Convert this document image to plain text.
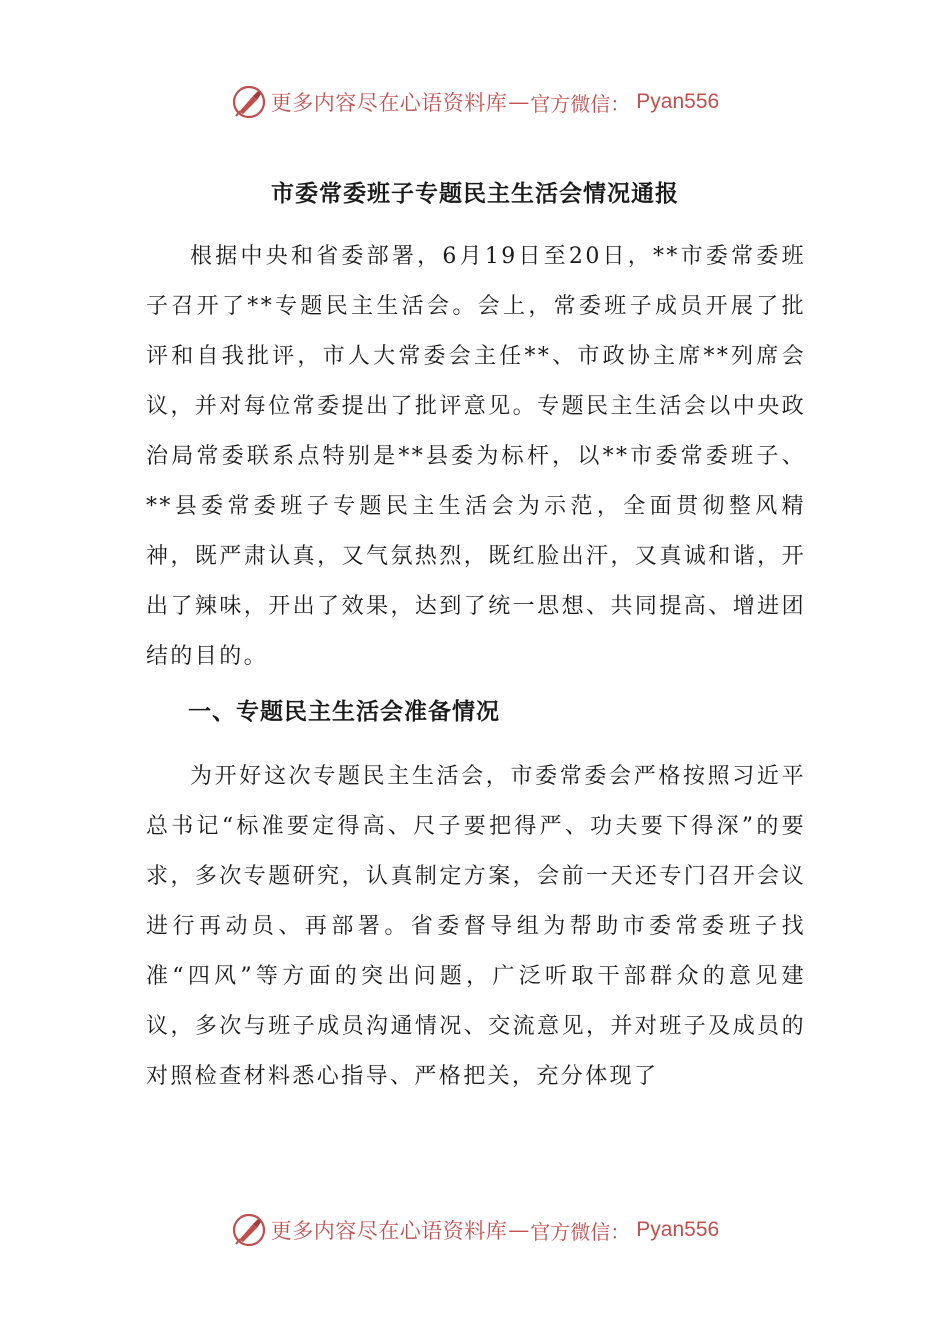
更多内容尽在心语资料库 — 官方微信： Pyan556
市委常委班子专题民主生活会情况通报

根据中央和省委部署，6月19日至20日，**市委常委班子召开了**专题民主生活会。会上，常委班子成员开展了批评和自我批评，市人大常委会主任**、市政协主席**列席会议，并对每位常委提出了批评意见。专题民主生活会以中央政治局常委联系点特别是**县委为标杆，以**市委常委班子、**县委常委班子专题民主生活会为示范，全面贯彻整风精神，既严肃认真，又气氛热烈，既红脸出汗，又真诚和谐，开出了辣味，开出了效果，达到了统一思想、共同提高、增进团结的目的。

一、专题民主生活会准备情况

为开好这次专题民主生活会，市委常委会严格按照习近平总书记“标准要定得高、尺子要把得严、功夫要下得深”的要求，多次专题研究，认真制定方案，会前一天还专门召开会议进行再动员、再部署。省委督导组为帮助市委常委班子找准“四风”等方面的突出问题，广泛听取干部群众的意见建议，多次与班子成员沟通情况、交流意见，并对班子及成员的对照检查材料悉心指导、严格把关，充分体现了

更多内容尽在心语资料库 — 官方微信： Pyan556
